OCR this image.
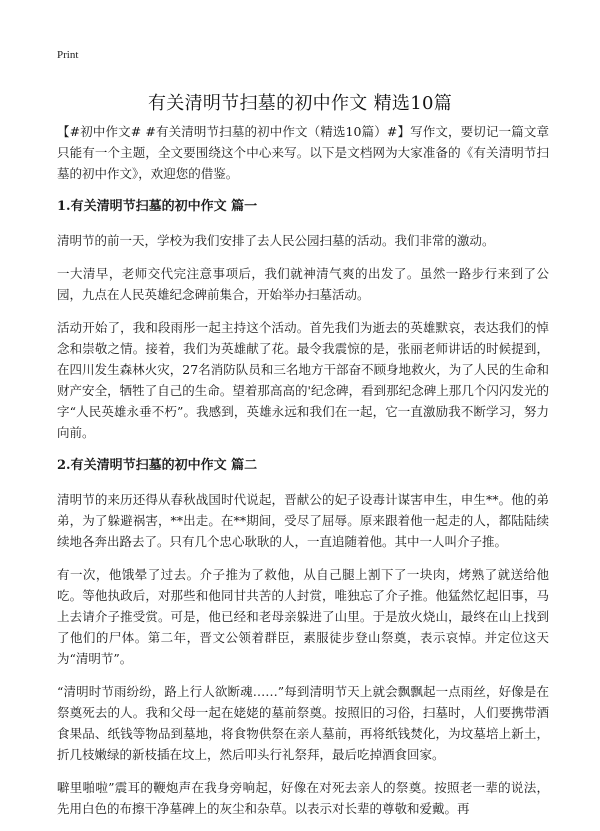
Print
有关清明节扫墓的初中作文 精选10篇

【#初中作文# #有关清明节扫墓的初中作文（精选10篇）#】写作文，要切记一篇文章只能有一个主题，全文要围绕这个中心来写。以下是文档网为大家准备的《有关清明节扫墓的初中作文》，欢迎您的借鉴。

1.有关清明节扫墓的初中作文 篇一

清明节的前一天，学校为我们安排了去人民公园扫墓的活动。我们非常的激动。

一大清早，老师交代完注意事项后，我们就神清气爽的出发了。虽然一路步行来到了公园，九点在人民英雄纪念碑前集合，开始举办扫墓活动。

活动开始了，我和段雨彤一起主持这个活动。首先我们为逝去的英雄默哀，表达我们的悼念和崇敬之情。接着，我们为英雄献了花。最令我震惊的是，张丽老师讲话的时候提到，在四川发生森林火灾，27名消防队员和三名地方干部奋不顾身地救火，为了人民的生命和财产安全，牺牲了自己的生命。望着那高高的'纪念碑，看到那纪念碑上那几个闪闪发光的字“人民英雄永垂不朽”。我感到，英雄永远和我们在一起，它一直激励我不断学习，努力向前。

2.有关清明节扫墓的初中作文 篇二

清明节的来历还得从春秋战国时代说起，晋献公的妃子设毒计谋害申生，申生**。他的弟弟，为了躲避祸害，**出走。在**期间，受尽了屈辱。原来跟着他一起走的人，都陆陆续续地各奔出路去了。只有几个忠心耿耿的人，一直追随着他。其中一人叫介子推。

有一次，他饿晕了过去。介子推为了救他，从自己腿上割下了一块肉，烤熟了就送给他吃。等他执政后，对那些和他同甘共苦的人封赏，唯独忘了介子推。他猛然忆起旧事，马上去请介子推受赏。可是，他已经和老母亲躲进了山里。于是放火烧山，最终在山上找到了他们的尸体。第二年，晋文公领着群臣，素服徒步登山祭奠，表示哀悼。并定位这天为“清明节”。

“清明时节雨纷纷，路上行人欲断魂……”每到清明节天上就会飘飘起一点雨丝，好像是在祭奠死去的人。我和父母一起在姥姥的墓前祭奠。按照旧的习俗，扫墓时，人们要携带酒食果品、纸钱等物品到墓地，将食物供祭在亲人墓前，再将纸钱焚化，为坟墓培上新土，折几枝嫩绿的新枝插在坟上，然后叩头行礼祭拜，最后吃掉酒食回家。

噼里啪啦”震耳的鞭炮声在我身旁响起，好像在对死去亲人的祭奠。按照老一辈的说法，先用白色的布擦干净墓碑上的灰尘和杂草。以表示对长辈的尊敬和爱戴。再
